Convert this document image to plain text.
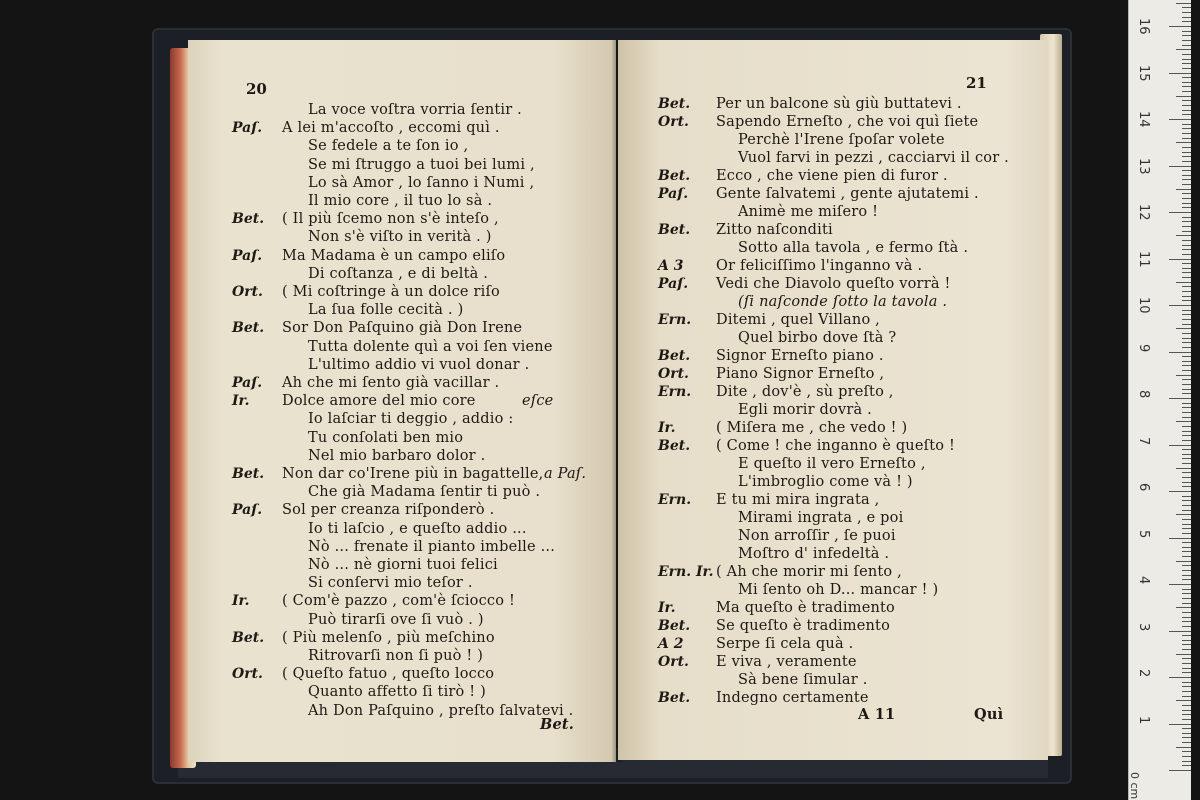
20
La voce voſtra vorria ſentir .
Paſ. A lei m'accoſto , eccomi quì .
Se fedele a te ſon io ,
Se mi ſtruggo a tuoi bei lumi ,
Lo sà Amor , lo ſanno i Numi ,
Il mio core , il tuo lo sà .
Bet. ( Il più ſcemo non s'è inteſo ,
Non s'è viſto in verità . )
Paſ. Ma Madama è un campo eliſo
Di coſtanza , e di beltà .
Ort. ( Mi coſtringe à un dolce riſo
La ſua folle cecità . )
Bet. Sor Don Paſquino già Don Irene
Tutta dolente quì a voi ſen viene
L'ultimo addio vi vuol donar .
Paſ. Ah che mi ſento già vacillar .
Ir. Dolce amore del mio core	eſce
Io laſciar ti deggio , addio :
Tu conſolati ben mio
Nel mio barbaro dolor .
Bet. Non dar co'Irene più in bagattelle, a Paſ.
Che già Madama ſentir ti può .
Paſ. Sol per creanza riſponderò .
Io ti laſcio , e queſto addio ...
Nò ... frenate il pianto imbelle ...
Nò ... nè giorni tuoi felici
Si conſervi mio teſor .
Ir. ( Com'è pazzo , com'è ſciocco !
Può tirarſi ove ſi vuò . )
Bet. ( Più melenſo , più meſchino
Ritrovarſi non ſi può ! )
Ort. ( Queſto fatuo , queſto locco
Quanto affetto ſi tirò ! )
Ah Don Paſquino , preſto ſalvatevi .
Bet.
21
Bet. Per un balcone sù giù buttatevi .
Ort. Sapendo Erneſto , che voi quì ſiete
Perchè l'Irene ſpoſar volete
Vuol farvi in pezzi , cacciarvi il cor .
Bet. Ecco , che viene pien di furor .
Paſ. Gente ſalvatemi , gente ajutatemi .
Animè me miſero !
Bet. Zitto naſconditi
Sotto alla tavola , e fermo ſtà .
A 3 Or feliciſſimo l'inganno và .
Paſ. Vedi che Diavolo queſto vorrà !
(ſi naſconde ſotto la tavola .
Ern. Ditemi , quel Villano ,
Quel birbo dove ſtà ?
Bet. Signor Erneſto piano .
Ort. Piano Signor Erneſto ,
Ern. Dite , dov'è , sù preſto ,
Egli morir dovrà .
Ir.	( Miſera me , che vedo ! )
Bet. ( Come ! che inganno è queſto !
E queſto il vero Erneſto ,
L'imbroglio come và ! )
Ern. E tu mi mira ingrata ,
Mirami ingrata , e poi
Non arroſſir , ſe puoi
Moſtro d' infedeltà .
Ern. Ir. ( Ah che morir mi ſento ,
Mi ſento oh D... mancar ! )
Ir.	Ma queſto è tradimento
Bet. Se queſto è tradimento
A 2 Serpe ſi cela quà .
Ort. E viva , veramente
Sà bene ſimular .
Bet. Indegno certamente
A 11	Quì	1
2
3
4
5
6
7
8
9
10
11
12
13
14
15
16
0 cm
